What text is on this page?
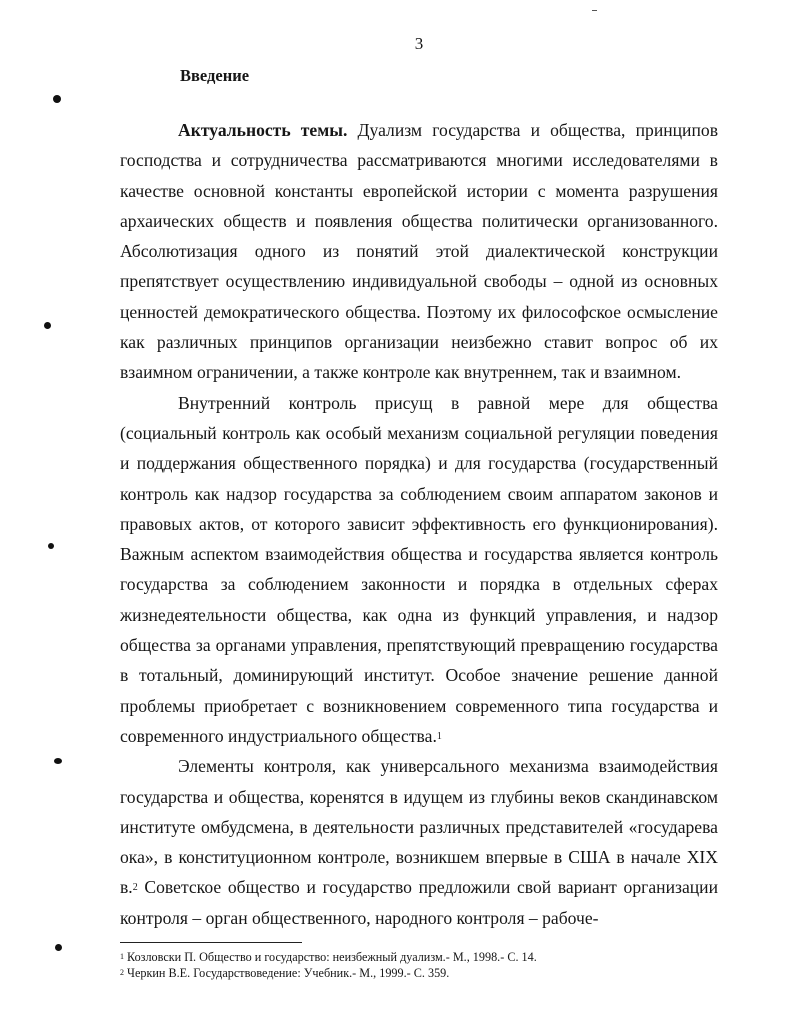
3
Введение

Актуальность темы. Дуализм государства и общества, принципов господства и сотрудничества рассматриваются многими исследователями в качестве основной константы европейской истории с момента разрушения архаических обществ и появления общества политически организованного. Абсолютизация одного из понятий этой диалектической конструкции препятствует осуществлению индивидуальной свободы – одной из основных ценностей демократического общества. Поэтому их философское осмысление как различных принципов организации неизбежно ставит вопрос об их взаимном ограничении, а также контроле как внутреннем, так и взаимном.

Внутренний контроль присущ в равной мере для общества (социальный контроль как особый механизм социальной регуляции поведения и поддержания общественного порядка) и для государства (государственный контроль как надзор государства за соблюдением своим аппаратом законов и правовых актов, от которого зависит эффективность его функционирования). Важным аспектом взаимодействия общества и государства является контроль государства за соблюдением законности и порядка в отдельных сферах жизнедеятельности общества, как одна из функций управления, и надзор общества за органами управления, препятствующий превращению государства в тотальный, доминирующий институт. Особое значение решение данной проблемы приобретает с возникновением современного типа государства и современного индустриального общества.$^1$

Элементы контроля, как универсального механизма взаимодействия государства и общества, коренятся в идущем из глубины веков скандинавском институте омбудсмена, в деятельности различных представителей «государева ока», в конституционном контроле, возникшем впервые в США в начале XIX в.$^2$ Советское общество и государство предложили свой вариант организации контроля – орган общественного, народного контроля – рабоче-

$^1$ Козловски П. Общество и государство: неизбежный дуализм.- М., 1998.- С. 14.
$^2$ Черкин В.Е. Государствоведение: Учебник.- М., 1999.- С. 359.
